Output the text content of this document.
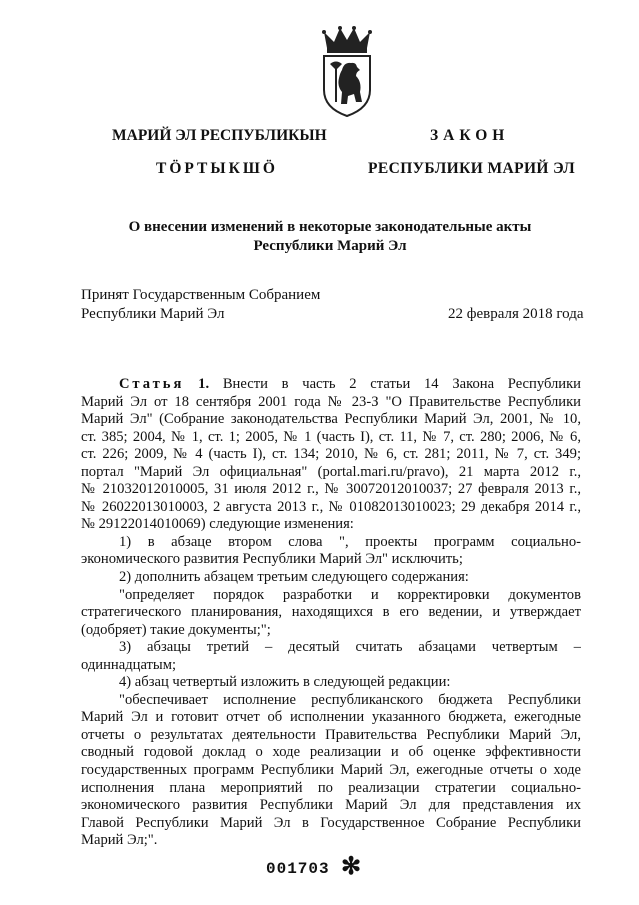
МАРИЙ ЭЛ РЕСПУБЛИКЫН
ТӦРТЫКШӦ
ЗАКОН
РЕСПУБЛИКИ МАРИЙ ЭЛ
О внесении изменений в некоторые законодательные акты
Республики Марий Эл
Принят Государственным Собранием
Республики Марий Эл	22 февраля 2018 года
Статья 1. Внести в часть 2 статьи 14 Закона Республики
Марий Эл от 18 сентября 2001 года № 23-З "О Правительстве Республики
Марий Эл" (Собрание законодательства Республики Марий Эл, 2001, № 10,
ст. 385; 2004, № 1, ст. 1; 2005, № 1 (часть I), ст. 11, № 7, ст. 280; 2006, № 6,
ст. 226; 2009, № 4 (часть I), ст. 134; 2010, № 6, ст. 281; 2011, № 7, ст. 349;
портал "Марий Эл официальная" (portal.mari.ru/pravo), 21 марта 2012 г.,
№ 21032012010005, 31 июля 2012 г., № 30072012010037; 27 февраля 2013 г.,
№ 26022013010003, 2 августа 2013 г., № 01082013010023; 29 декабря 2014 г.,
№ 29122014010069) следующие изменения:
1) в абзаце втором слова ", проекты программ социально-
экономического развития Республики Марий Эл" исключить;
2) дополнить абзацем третьим следующего содержания:
"определяет порядок разработки и корректировки документов
стратегического планирования, находящихся в его ведении, и утверждает
(одобряет) такие документы;";
3) абзацы третий – десятый считать абзацами четвертым –
одиннадцатым;
4) абзац четвертый изложить в следующей редакции:
"обеспечивает исполнение республиканского бюджета Республики
Марий Эл и готовит отчет об исполнении указанного бюджета, ежегодные
отчеты о результатах деятельности Правительства Республики Марий Эл,
сводный годовой доклад о ходе реализации и об оценке эффективности
государственных программ Республики Марий Эл, ежегодные отчеты о ходе
исполнения плана мероприятий по реализации стратегии социально-
экономического развития Республики Марий Эл для представления их
Главой Республики Марий Эл в Государственное Собрание Республики
Марий Эл;".
001703 ✻
